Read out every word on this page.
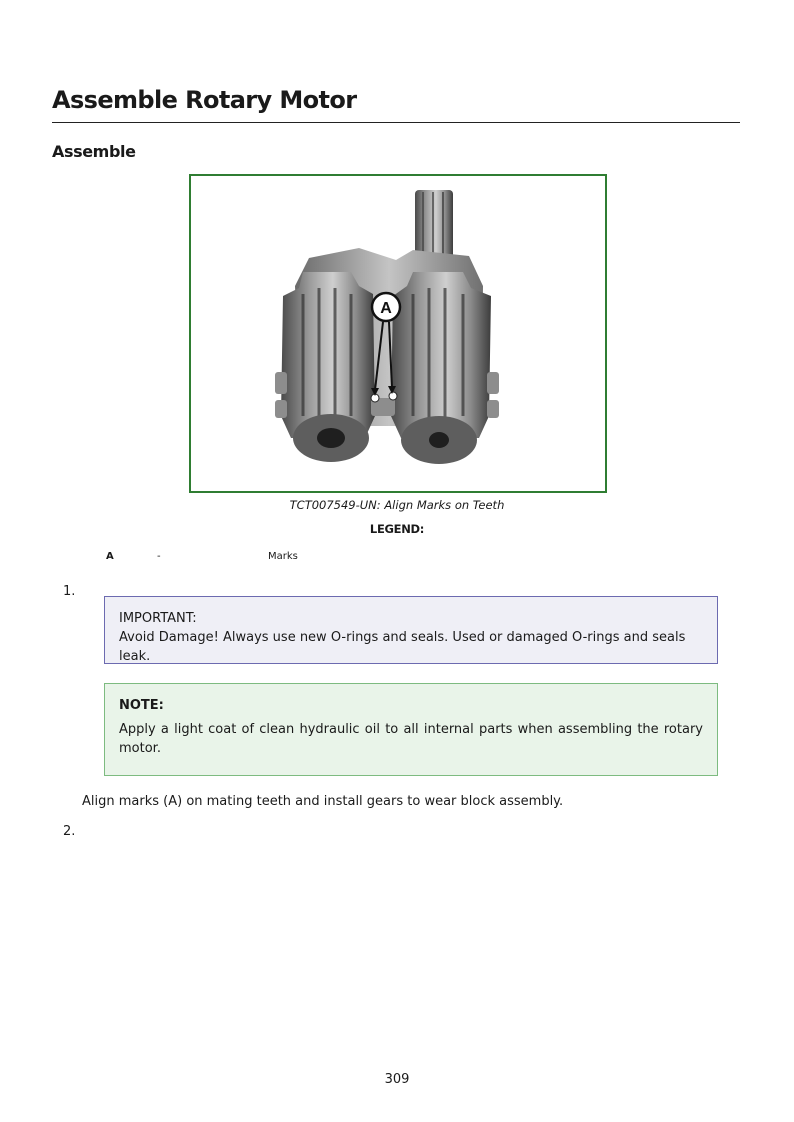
Assemble Rotary Motor
Assemble
A
TCT007549-UN: Align Marks on Teeth
LEGEND:
A	-	Marks
1.
IMPORTANT:
Avoid Damage! Always use new O-rings and seals. Used or damaged O-rings and seals leak.
NOTE:
Apply a light coat of clean hydraulic oil to all internal parts when assembling the rotary motor.
Align marks (A) on mating teeth and install gears to wear block assembly.
2.
309
